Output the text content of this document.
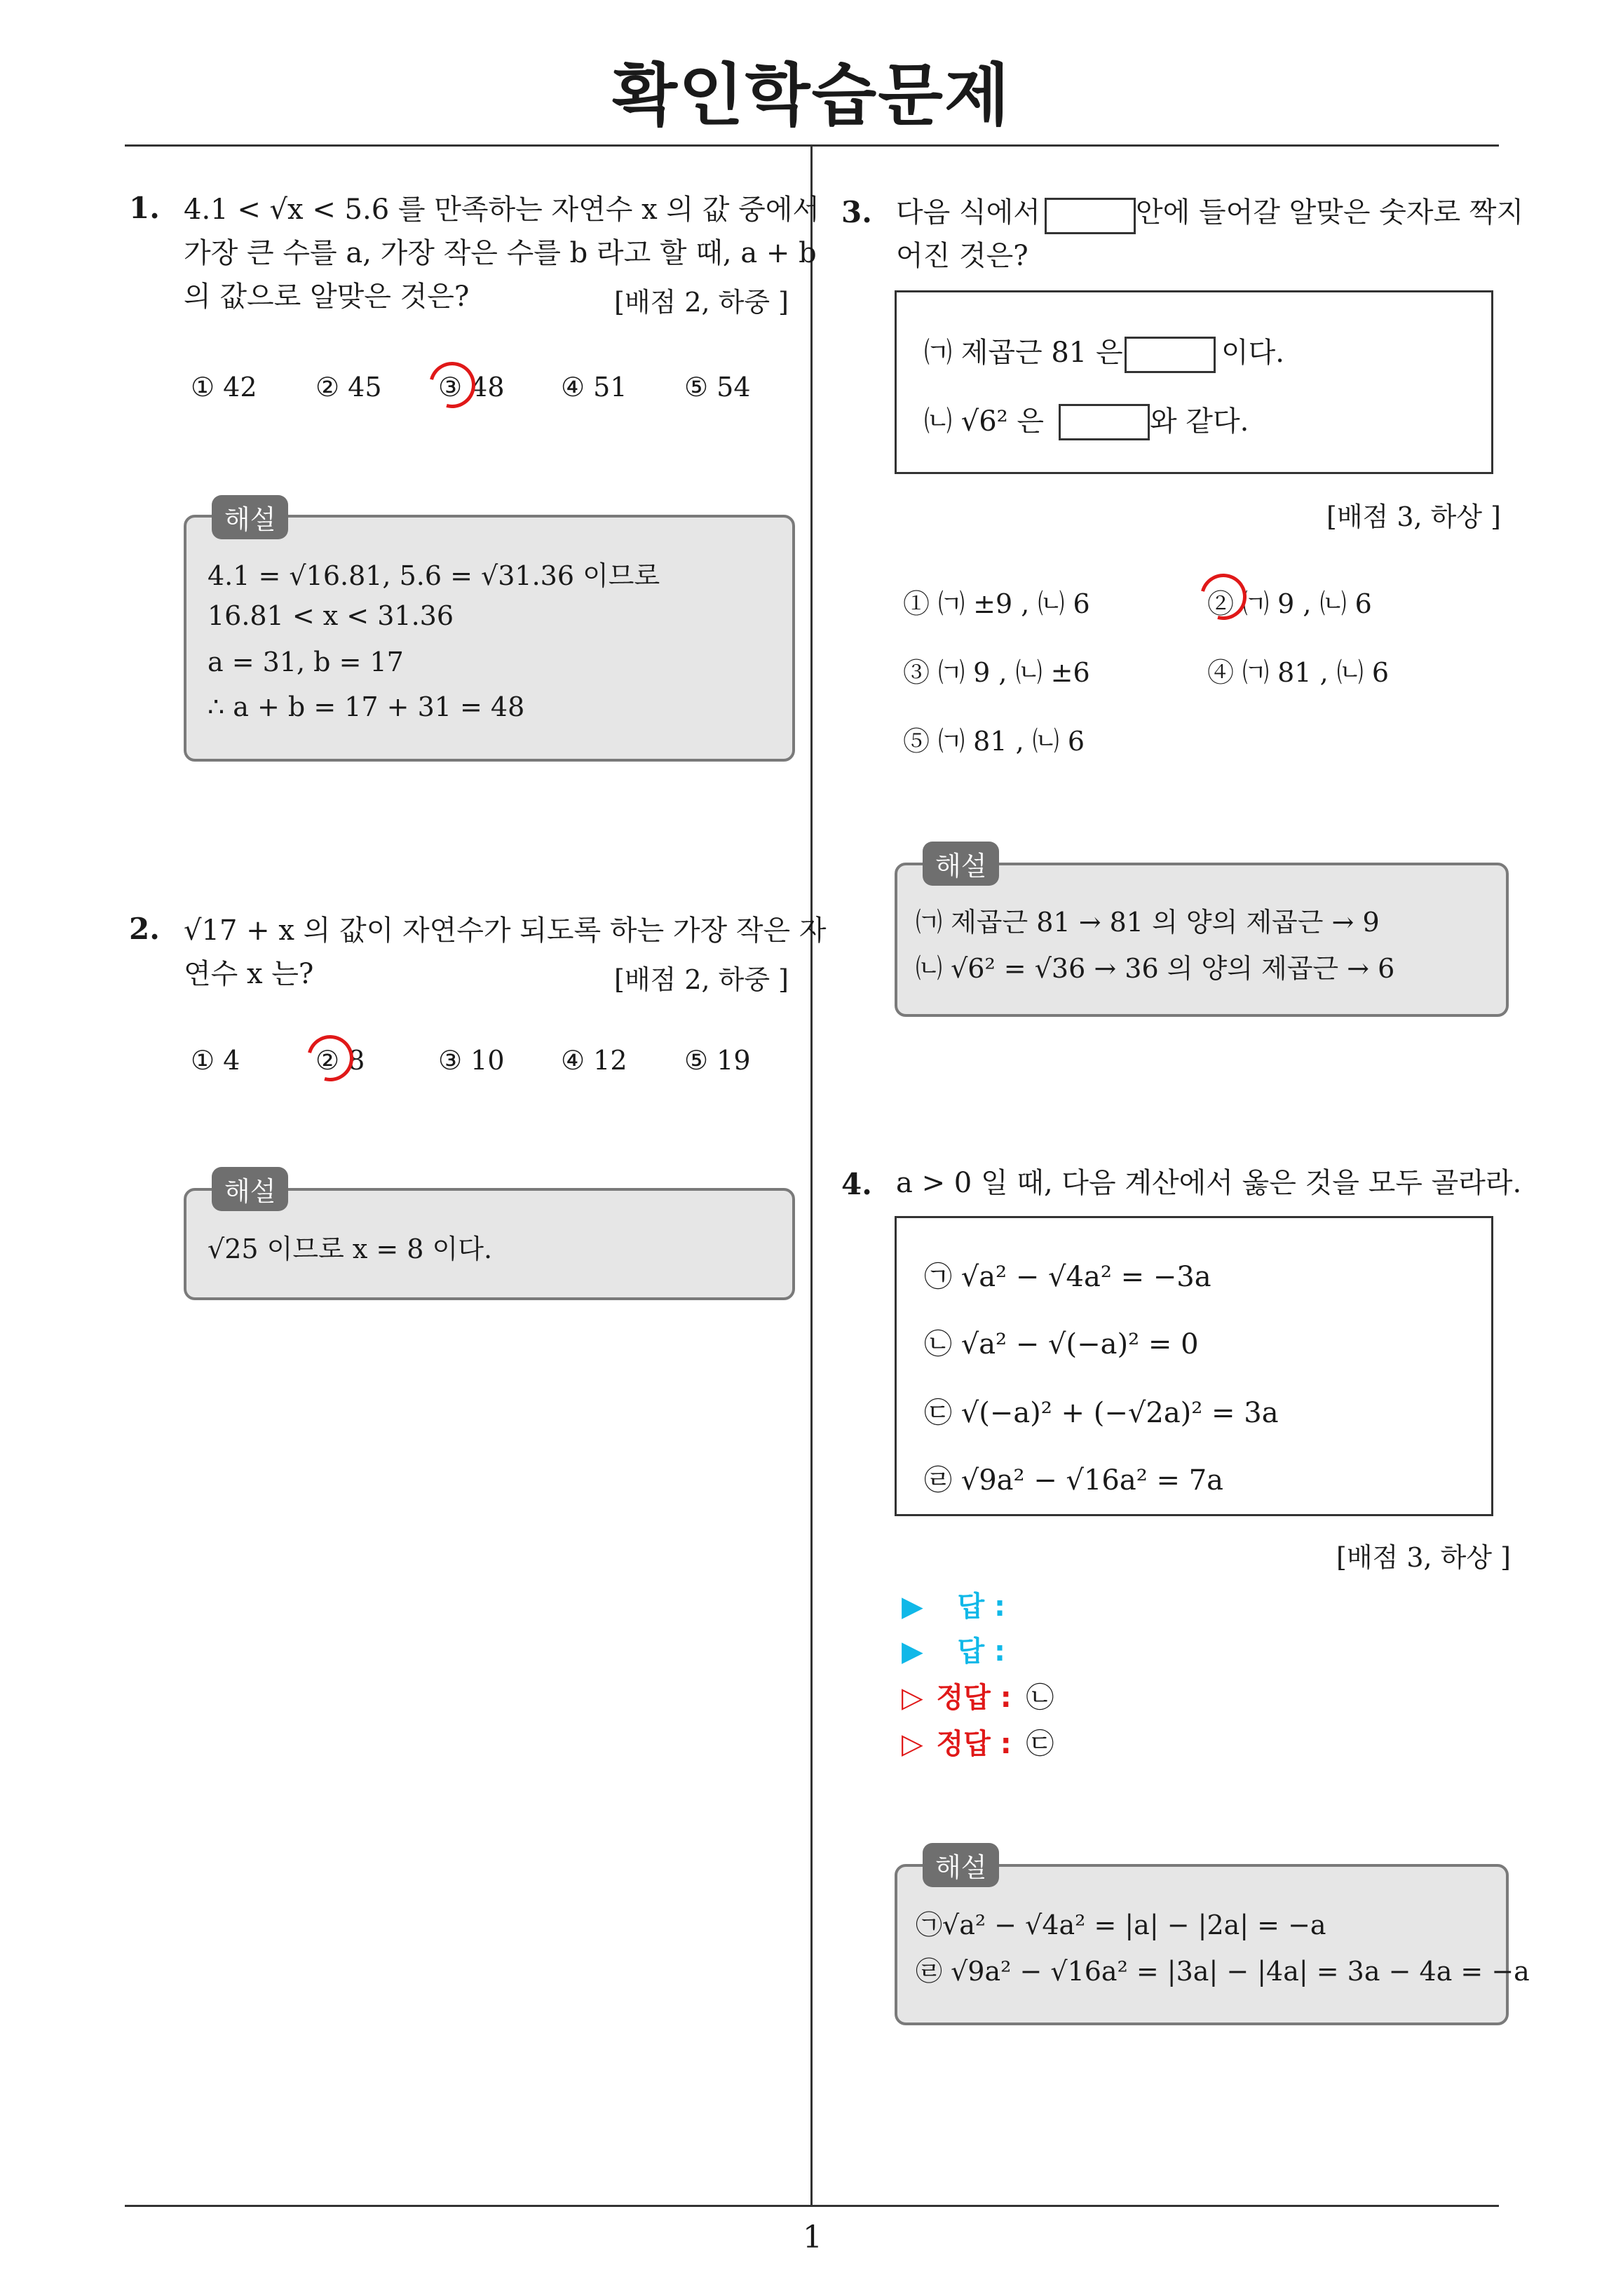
확인학습문제
1
1. 4.1 < √x < 5.6 를 만족하는 자연수 x 의 값 중에서
가장 큰 수를 a, 가장 작은 수를 b 라고 할 때, a + b
의 값으로 알맞은 것은?	[배점 2, 하중 ]
① 42 ② 45 ③ 48 ④ 51 ⑤ 54
해설
4.1 = √16.81, 5.6 = √31.36 이므로
16.81 < x < 31.36
a = 31, b = 17
∴ a + b = 17 + 31 = 48
2. √17 + x 의 값이 자연수가 되도록 하는 가장 작은 자
연수 x 는?	[배점 2, 하중 ]
① 4	② 8	③ 10 ④ 12 ⑤ 19
해설
√25 이므로 x = 8 이다.
3. 다음 식에서	안에 들어갈 알맞은 숫자로 짝지
어진 것은?
㈀ 제곱근 81 은	이다.
㈁ √6² 은	와 같다.
[배점 3, 하상 ]
① ㈀ ±9 , ㈁ 6	② ㈀ 9 , ㈁ 6
③ ㈀ 9 , ㈁ ±6	④ ㈀ 81 , ㈁ 6
⑤ ㈀ 81 , ㈁ 6
해설
㈀ 제곱근 81 → 81 의 양의 제곱근 → 9
㈁ √6² = √36 → 36 의 양의 제곱근 → 6
4. a > 0 일 때, 다음 계산에서 옳은 것을 모두 골라라.
㉠ √a² − √4a² = −3a
㉡ √a² − √(−a)² = 0
㉢ √(−a)² + (−√2a)² = 3a
㉣ √9a² − √16a² = 7a
[배점 3, 하상 ]
▶ 답 :
▶ 답 :
▷ 정답 : ㉡
▷ 정답 : ㉢
해설
㉠√a² − √4a² = |a| − |2a| = −a
㉣ √9a² − √16a² = |3a| − |4a| = 3a − 4a = −a
